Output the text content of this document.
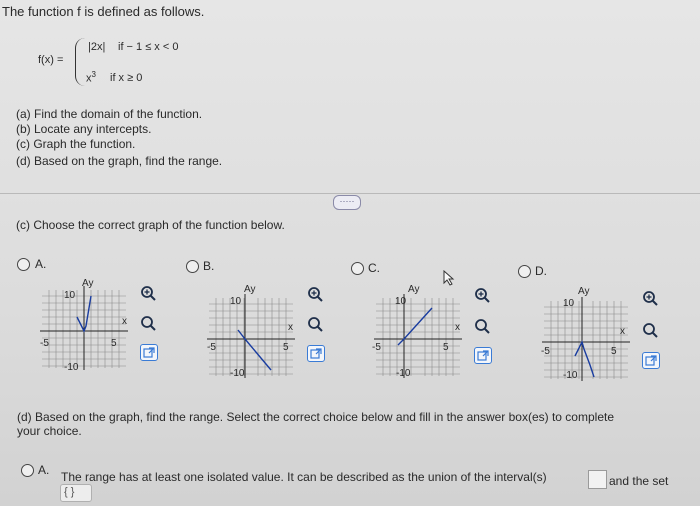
The function f is defined as follows.
f(x) =
|2x| if − 1 ≤ x < 0
$x^3$ if x ≥ 0
(a) Find the domain of the function.
(b) Locate any intercepts.
(c) Graph the function.
(d) Based on the graph, find the range.
·····
(c) Choose the correct graph of the function below.
A.
Ay
10
-10
-5	5
x
B.
Ay
10
-10
-5	5
x
C.
Ay
10
-10
-5	5
x
D.
Ay
10
-10
-5	5
x
(d) Based on the graph, find the range. Select the correct choice below and fill in the answer box(es) to complete
your choice.
A. The range has at least one isolated value. It can be described as the union of the interval(s)	and the set
{ }
